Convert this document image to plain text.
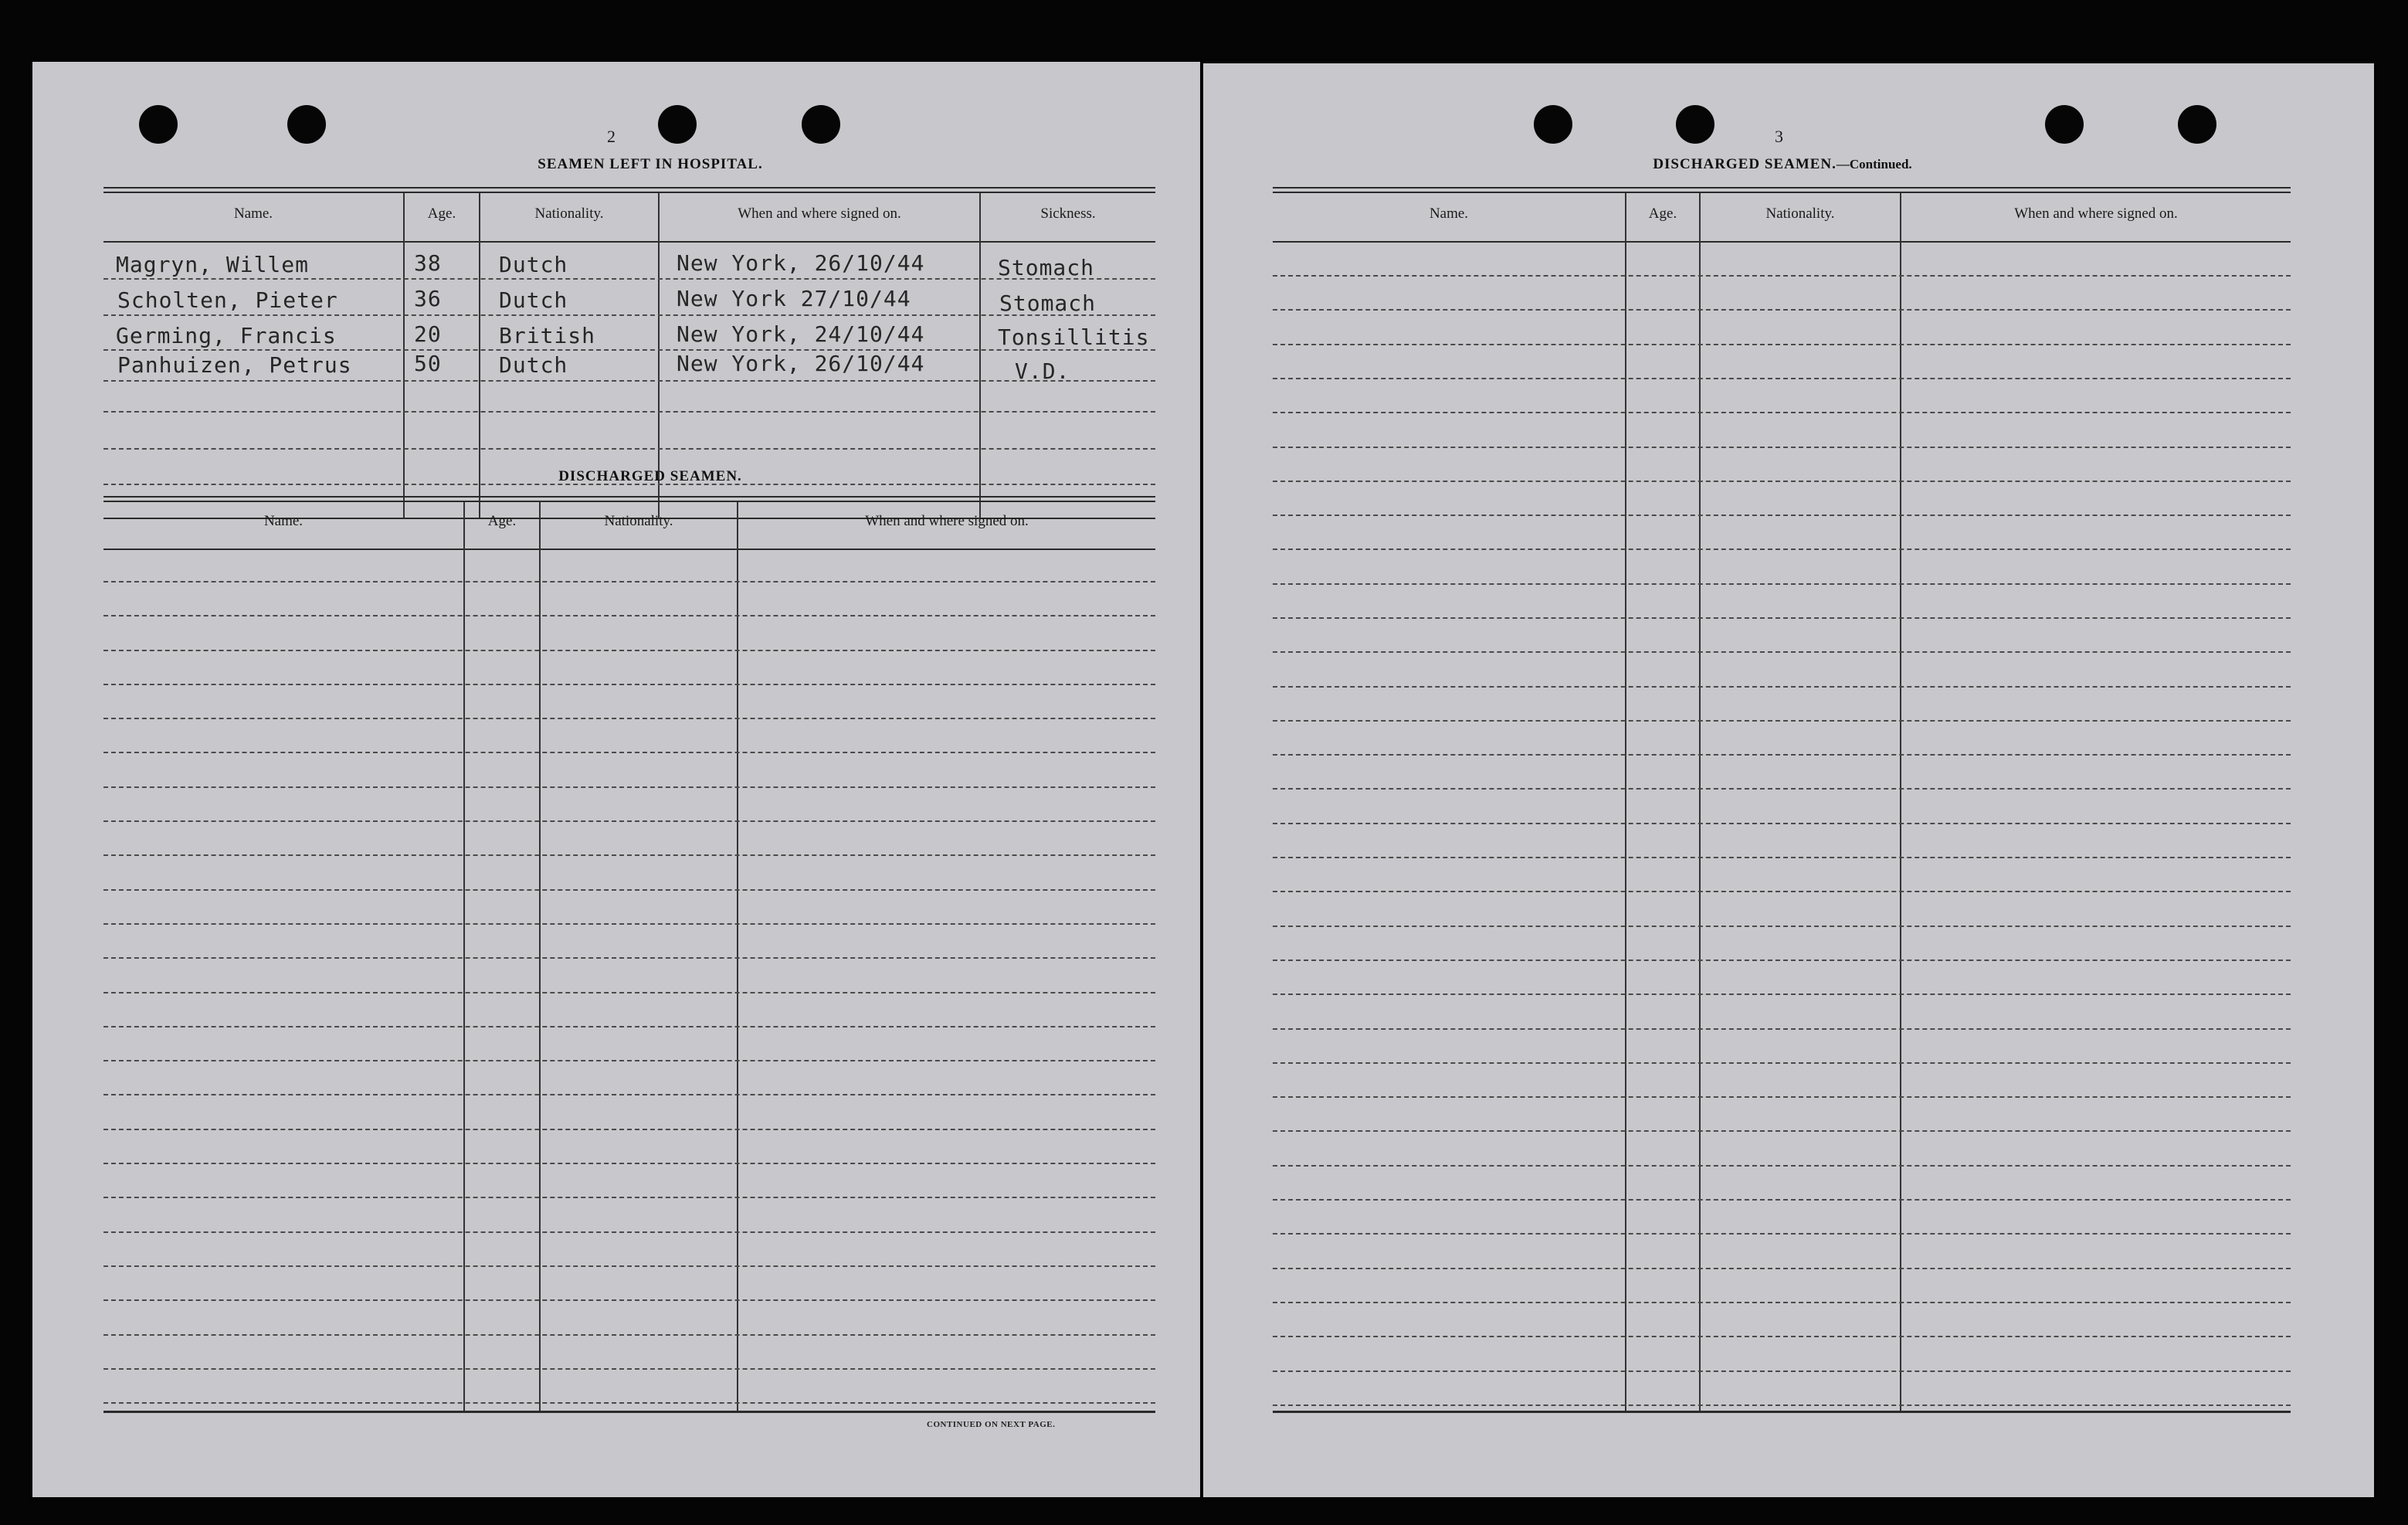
2
SEAMEN LEFT IN HOSPITAL.
Name.	Age.	Nationality.	When and where signed on.	Sickness.
Magryn, Willem	38	Dutch	New York, 26/10/44	Stomach
Scholten, Pieter	36	Dutch	New York 27/10/44	Stomach
Germing, Francis	20	British	New York, 24/10/44	Tonsillitis
Panhuizen, Petrus	50	Dutch	New York, 26/10/44	V.D.
DISCHARGED SEAMEN.
Name.	Age.	Nationality.	When and where signed on.
CONTINUED ON NEXT PAGE.
3
DISCHARGED SEAMEN.—Continued.
Name.	Age.	Nationality.	When and where signed on.
